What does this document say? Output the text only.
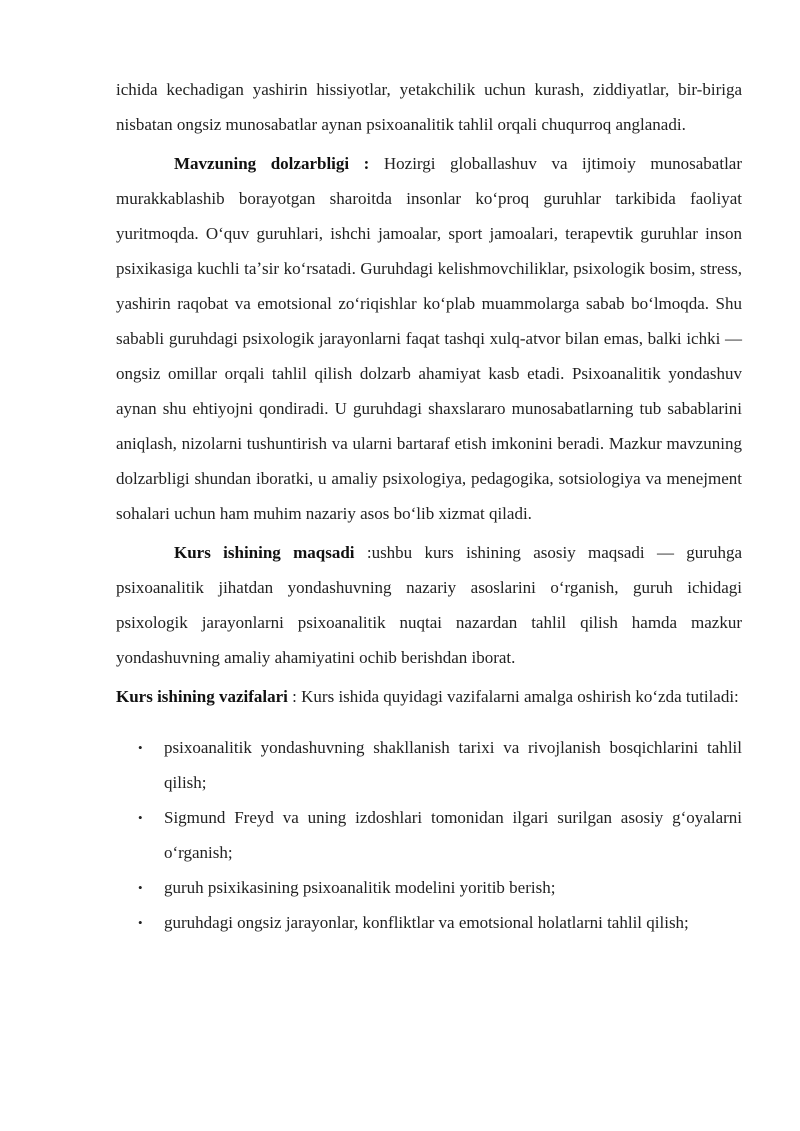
ichida kechadigan yashirin hissiyotlar, yetakchilik uchun kurash, ziddiyatlar, bir-biriga nisbatan ongsiz munosabatlar aynan psixoanalitik tahlil orqali chuqurroq anglanadi.

Mavzuning dolzarbligi : Hozirgi globallashuv va ijtimoiy munosabatlar murakkablashib borayotgan sharoitda insonlar koʻproq guruhlar tarkibida faoliyat yuritmoqda. Oʻquv guruhlari, ishchi jamoalar, sport jamoalari, terapevtik guruhlar inson psixikasiga kuchli taʼsir koʻrsatadi. Guruhdagi kelishmovchiliklar, psixologik bosim, stress, yashirin raqobat va emotsional zoʻriqishlar koʻplab muammolarga sabab boʻlmoqda. Shu sababli guruhdagi psixologik jarayonlarni faqat tashqi xulq-atvor bilan emas, balki ichki — ongsiz omillar orqali tahlil qilish dolzarb ahamiyat kasb etadi. Psixoanalitik yondashuv aynan shu ehtiyojni qondiradi. U guruhdagi shaxslararo munosabatlarning tub sabablarini aniqlash, nizolarni tushuntirish va ularni bartaraf etish imkonini beradi. Mazkur mavzuning dolzarbligi shundan iboratki, u amaliy psixologiya, pedagogika, sotsiologiya va menejment sohalari uchun ham muhim nazariy asos boʻlib xizmat qiladi.

Kurs ishining maqsadi :ushbu kurs ishining asosiy maqsadi — guruhga psixoanalitik jihatdan yondashuvning nazariy asoslarini oʻrganish, guruh ichidagi psixologik jarayonlarni psixoanalitik nuqtai nazardan tahlil qilish hamda mazkur yondashuvning amaliy ahamiyatini ochib berishdan iborat.

Kurs ishining vazifalari : Kurs ishida quyidagi vazifalarni amalga oshirish koʻzda tutiladi:

• psixoanalitik yondashuvning shakllanish tarixi va rivojlanish bosqichlarini tahlil qilish;
• Sigmund Freyd va uning izdoshlari tomonidan ilgari surilgan asosiy gʻoyalarni oʻrganish;
• guruh psixikasining psixoanalitik modelini yoritib berish;
• guruhdagi ongsiz jarayonlar, konfliktlar va emotsional holatlarni tahlil qilish;
